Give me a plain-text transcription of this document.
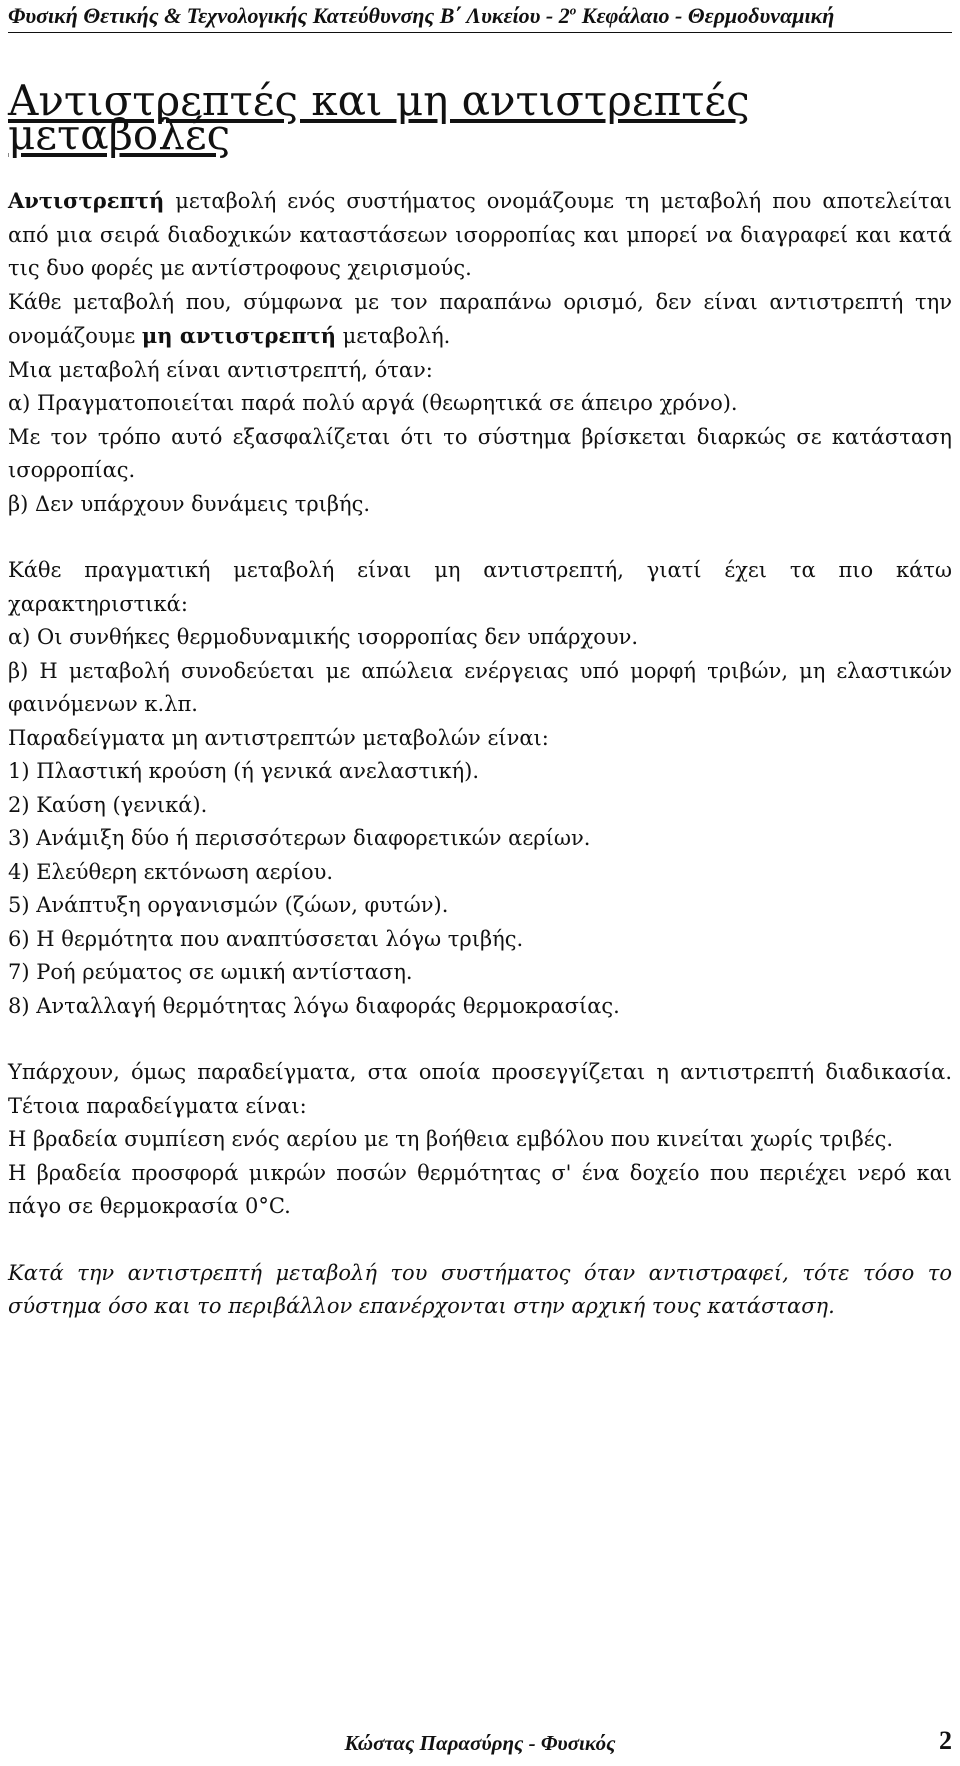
Φυσική Θετικής & Τεχνολογικής Κατεύθυνσης Β΄ Λυκείου - $2^o$ Κεφάλαιο - Θερμοδυναμική
Αντιστρεπτές και μη αντιστρεπτές μεταβολές

Αντιστρεπτή μεταβολή ενός συστήματος ονομάζουμε τη μεταβολή που αποτελείται από μια σειρά διαδοχικών καταστάσεων ισορροπίας και μπορεί να διαγραφεί και κατά τις δυο φορές με αντίστροφους χειρισμούς.

Κάθε μεταβολή που, σύμφωνα με τον παραπάνω ορισμό, δεν είναι αντιστρεπτή την ονομάζουμε μη αντιστρεπτή μεταβολή.

Μια μεταβολή είναι αντιστρεπτή, όταν:

α) Πραγματοποιείται παρά πολύ αργά (θεωρητικά σε άπειρο χρόνο).

Με τον τρόπο αυτό εξασφαλίζεται ότι το σύστημα βρίσκεται διαρκώς σε κατάσταση ισορροπίας.

β) Δεν υπάρχουν δυνάμεις τριβής.

Κάθε πραγματική μεταβολή είναι μη αντιστρεπτή, γιατί έχει τα πιο κάτω χαρακτηριστικά:

α) Οι συνθήκες θερμοδυναμικής ισορροπίας δεν υπάρχουν.

β) Η μεταβολή συνοδεύεται με απώλεια ενέργειας υπό μορφή τριβών, μη ελαστικών φαινόμενων κ.λπ.

Παραδείγματα μη αντιστρεπτών μεταβολών είναι:

1) Πλαστική κρούση (ή γενικά ανελαστική).

2) Καύση (γενικά).

3) Ανάμιξη δύο ή περισσότερων διαφορετικών αερίων.

4) Ελεύθερη εκτόνωση αερίου.

5) Ανάπτυξη οργανισμών (ζώων, φυτών).

6) Η θερμότητα που αναπτύσσεται λόγω τριβής.

7) Ροή ρεύματος σε ωμική αντίσταση.

8) Ανταλλαγή θερμότητας λόγω διαφοράς θερμοκρασίας.

Υπάρχουν, όμως παραδείγματα, στα οποία προσεγγίζεται η αντιστρεπτή διαδικασία. Τέτοια παραδείγματα είναι:

Η βραδεία συμπίεση ενός αερίου με τη βοήθεια εμβόλου που κινείται χωρίς τριβές.

Η βραδεία προσφορά μικρών ποσών θερμότητας σ' ένα δοχείο που περιέχει νερό και πάγο σε θερμοκρασία 0°C.

Κατά την αντιστρεπτή μεταβολή του συστήματος όταν αντιστραφεί, τότε τόσο το σύστημα όσο και το περιβάλλον επανέρχονται στην αρχική τους κατάσταση.

Κώστας Παρασύρης - Φυσικός	2
